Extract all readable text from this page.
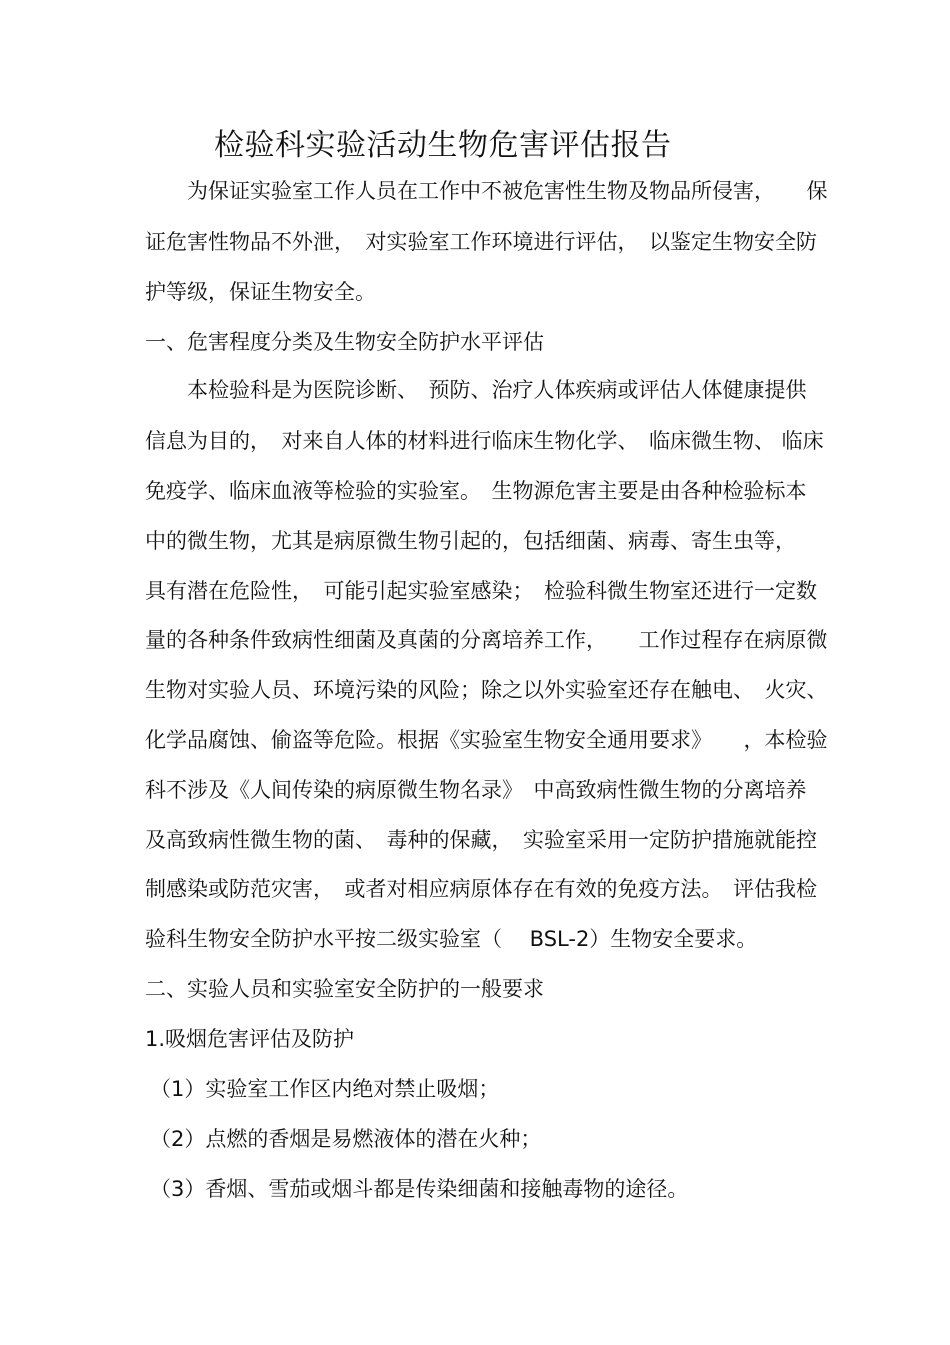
检验科实验活动生物危害评估报告
为保证实验室工作人员在工作中不被危害性生物及物品所侵害，　　保
证危害性物品不外泄，　对实验室工作环境进行评估，　以鉴定生物安全防
护等级，保证生物安全。
一、危害程度分类及生物安全防护水平评估
本检验科是为医院诊断、　预防、治疗人体疾病或评估人体健康提供
信息为目的，　对来自人体的材料进行临床生物化学、　临床微生物、 临床
免疫学、临床血液等检验的实验室。　生物源危害主要是由各种检验标本
中的微生物，尤其是病原微生物引起的，包括细菌、病毒、寄生虫等，
具有潜在危险性，　可能引起实验室感染；　检验科微生物室还进行一定数
量的各种条件致病性细菌及真菌的分离培养工作，　　工作过程存在病原微
生物对实验人员、环境污染的风险；除之以外实验室还存在触电、　火灾、
化学品腐蚀、偷盗等危险。根据《实验室生物安全通用要求》　　，本检验
科不涉及《人间传染的病原微生物名录》　中高致病性微生物的分离培养
及高致病性微生物的菌、　毒种的保藏，　实验室采用一定防护措施就能控
制感染或防范灾害，　或者对相应病原体存在有效的免疫方法。　评估我检
验科生物安全防护水平按二级实验室（　 BSL-2）生物安全要求。
二、实验人员和实验室安全防护的一般要求
1.吸烟危害评估及防护
（1）实验室工作区内绝对禁止吸烟；
（2）点燃的香烟是易燃液体的潜在火种；
（3）香烟、雪茄或烟斗都是传染细菌和接触毒物的途径。
